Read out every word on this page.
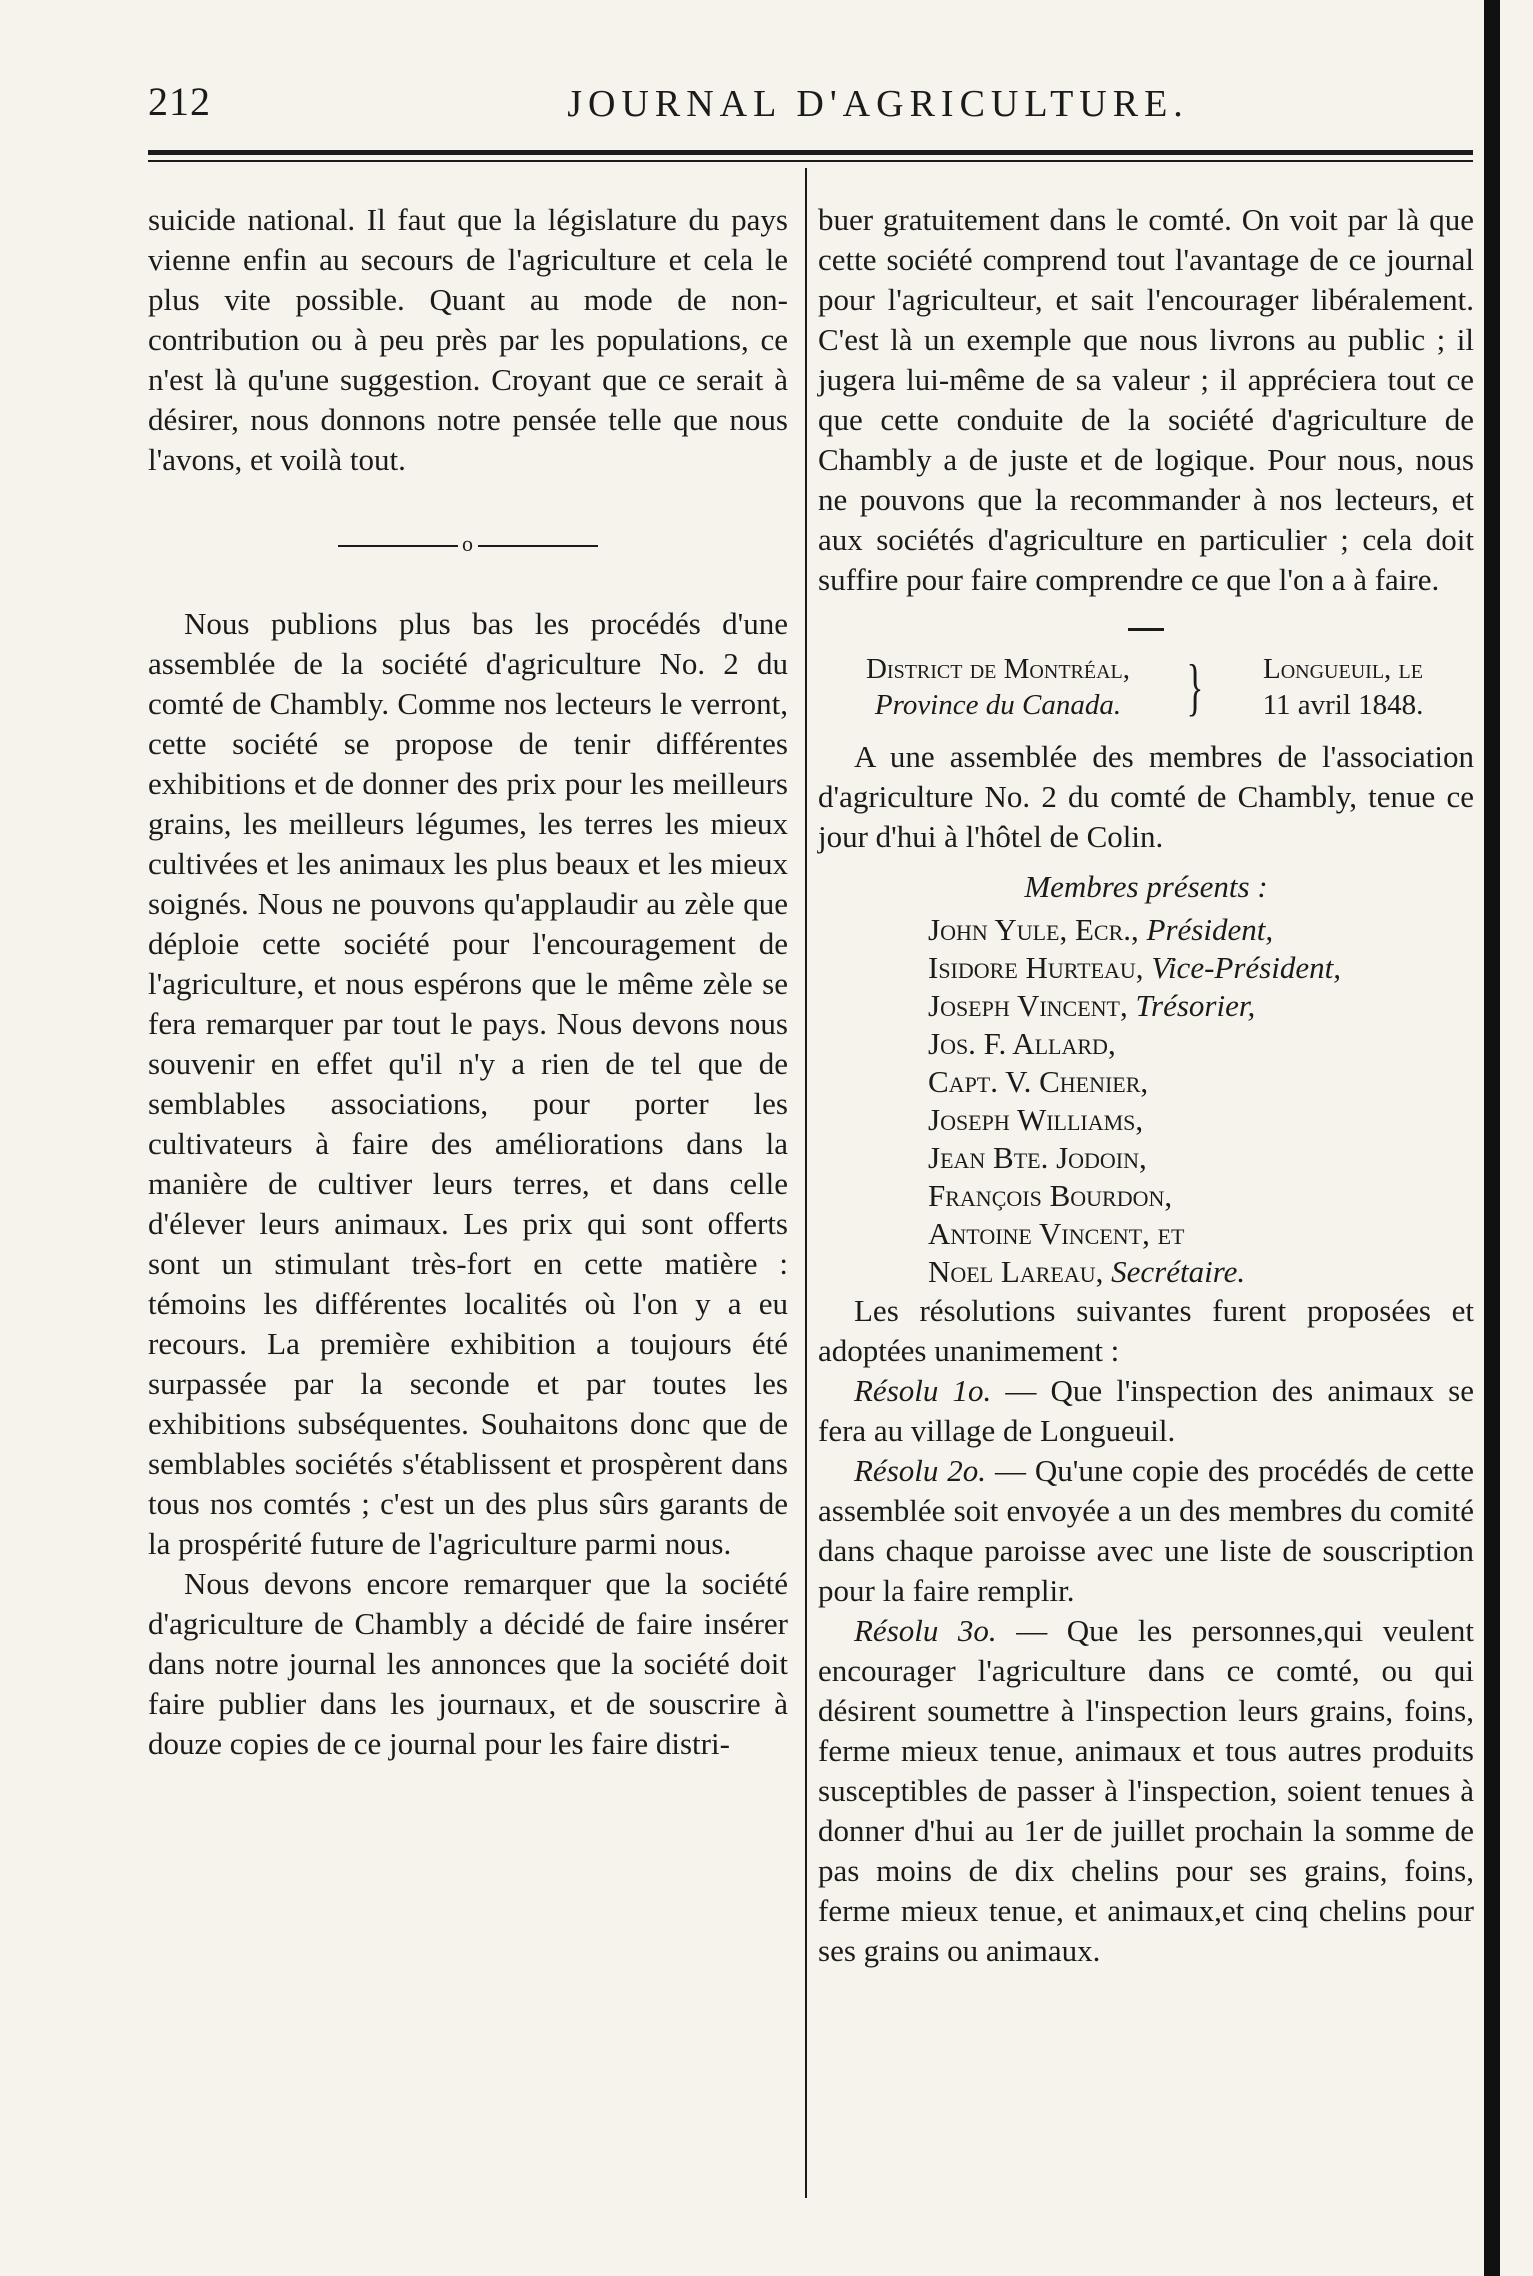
212	JOURNAL D'AGRICULTURE.

suicide national. Il faut que la législature du pays vienne enfin au secours de l'agriculture et cela le plus vite possible. Quant au mode de non-contribution ou à peu près par les populations, ce n'est là qu'une suggestion. Croyant que ce serait à désirer, nous donnons notre pensée telle que nous l'avons, et voilà tout.

o

Nous publions plus bas les procédés d'une assemblée de la société d'agriculture No. 2 du comté de Chambly. Comme nos lecteurs le verront, cette société se propose de tenir différentes exhibitions et de donner des prix pour les meilleurs grains, les meilleurs légumes, les terres les mieux cultivées et les animaux les plus beaux et les mieux soignés. Nous ne pouvons qu'applaudir au zèle que déploie cette société pour l'encouragement de l'agriculture, et nous espérons que le même zèle se fera remarquer par tout le pays. Nous devons nous souvenir en effet qu'il n'y a rien de tel que de semblables associations, pour porter les cultivateurs à faire des améliorations dans la manière de cultiver leurs terres, et dans celle d'élever leurs animaux. Les prix qui sont offerts sont un stimulant très-fort en cette matière : témoins les différentes localités où l'on y a eu recours. La première exhibition a toujours été surpassée par la seconde et par toutes les exhibitions subséquentes. Souhaitons donc que de semblables sociétés s'établissent et prospèrent dans tous nos comtés ; c'est un des plus sûrs garants de la prospérité future de l'agriculture parmi nous.

Nous devons encore remarquer que la société d'agriculture de Chambly a décidé de faire insérer dans notre journal les annonces que la société doit faire publier dans les journaux, et de souscrire à douze copies de ce journal pour les faire distri-

buer gratuitement dans le comté. On voit par là que cette société comprend tout l'avantage de ce journal pour l'agriculteur, et sait l'encourager libéralement. C'est là un exemple que nous livrons au public ; il jugera lui-même de sa valeur ; il appréciera tout ce que cette conduite de la société d'agriculture de Chambly a de juste et de logique. Pour nous, nous ne pouvons que la recommander à nos lecteurs, et aux sociétés d'agriculture en particulier ; cela doit suffire pour faire comprendre ce que l'on a à faire.

District de Montréal,
Province du Canada.	}	Longueuil, le
11 avril 1848.

A une assemblée des membres de l'association d'agriculture No. 2 du comté de Chambly, tenue ce jour d'hui à l'hôtel de Colin.

Membres présents :
John Yule, Ecr., Président,
Isidore Hurteau, Vice-Président,
Joseph Vincent, Trésorier,
Jos. F. Allard,
Capt. V. Chenier,
Joseph Williams,
Jean Bte. Jodoin,
François Bourdon,
Antoine Vincent, et
Noel Lareau, Secrétaire.

Les résolutions suivantes furent proposées et adoptées unanimement :

Résolu 1o. — Que l'inspection des animaux se fera au village de Longueuil.

Résolu 2o. — Qu'une copie des procédés de cette assemblée soit envoyée a un des membres du comité dans chaque paroisse avec une liste de souscription pour la faire remplir.

Résolu 3o. — Que les personnes,qui veulent encourager l'agriculture dans ce comté, ou qui désirent soumettre à l'inspection leurs grains, foins, ferme mieux tenue, animaux et tous autres produits susceptibles de passer à l'inspection, soient tenues à donner d'hui au 1er de juillet prochain la somme de pas moins de dix chelins pour ses grains, foins, ferme mieux tenue, et animaux,et cinq chelins pour ses grains ou animaux.
